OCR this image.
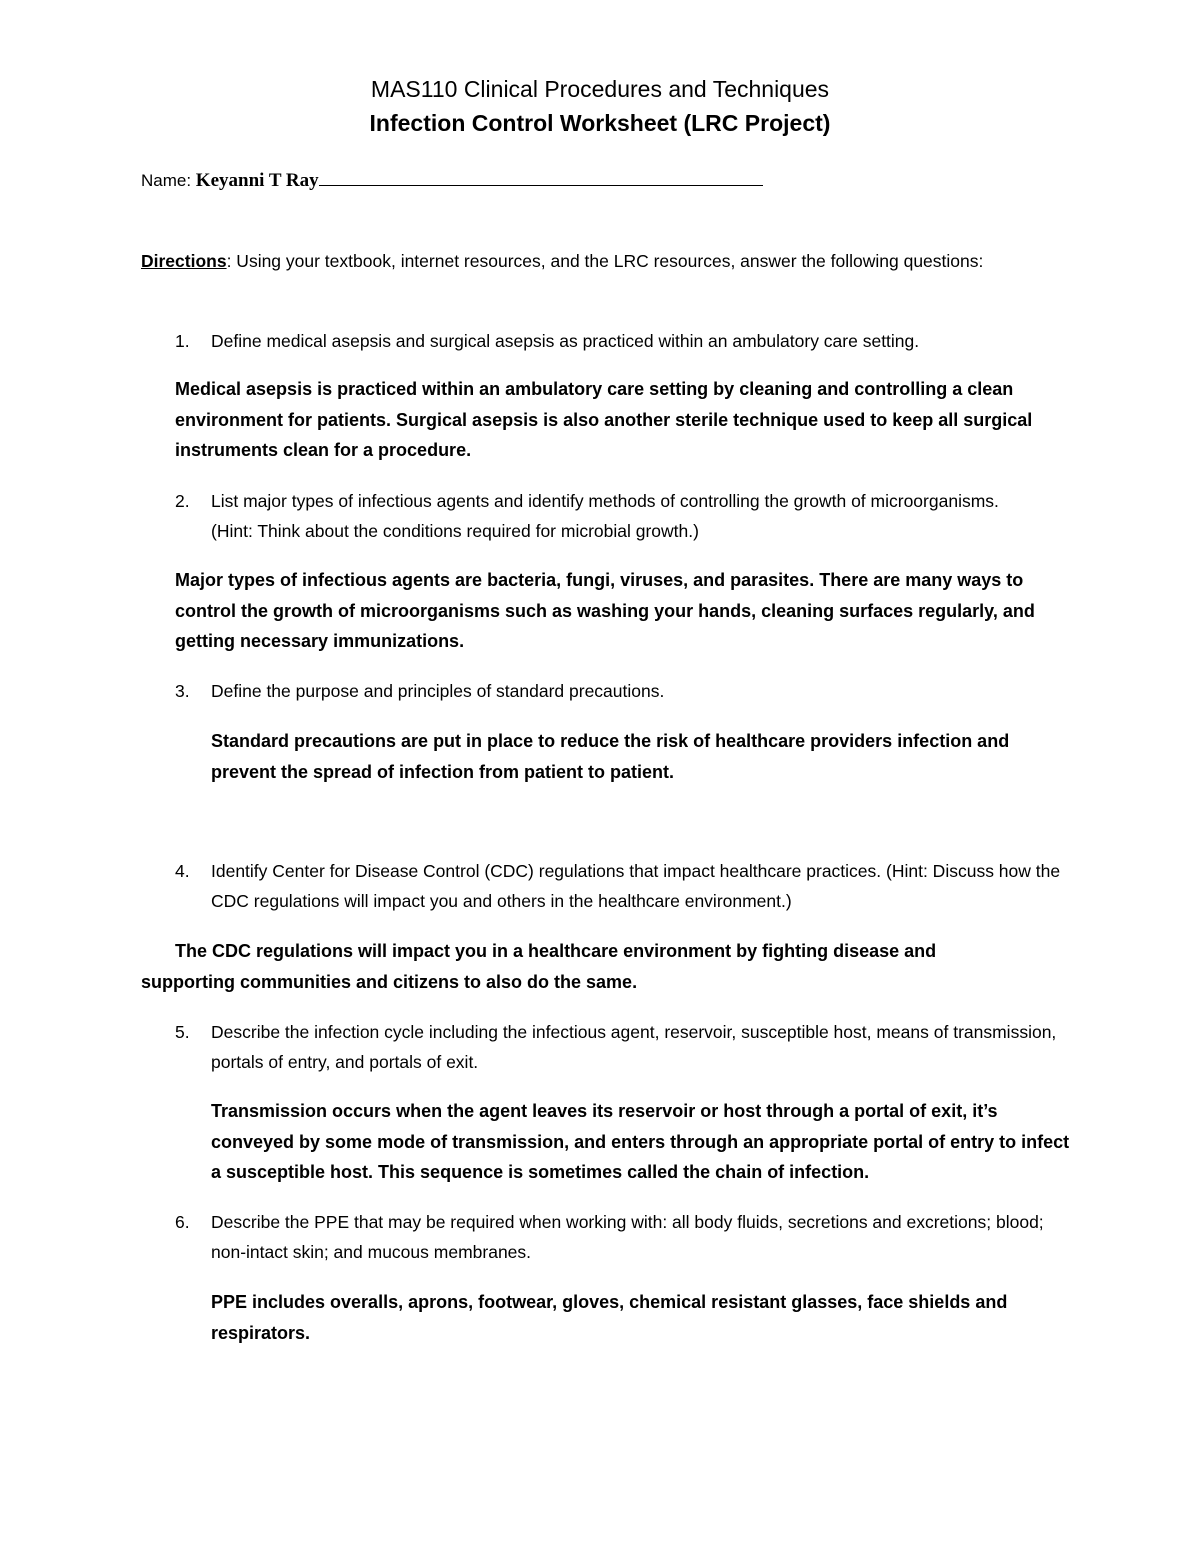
MAS110 Clinical Procedures and Techniques
Infection Control Worksheet (LRC Project)
Name: Keyanni T Ray
Directions: Using your textbook, internet resources, and the LRC resources, answer the following questions:
1.	Define medical asepsis and surgical asepsis as practiced within an ambulatory care setting.
Medical asepsis is practiced within an ambulatory care setting by cleaning and controlling a clean environment for patients. Surgical asepsis is also another sterile technique used to keep all surgical instruments clean for a procedure.
2.	List major types of infectious agents and identify methods of controlling the growth of microorganisms. (Hint: Think about the conditions required for microbial growth.)
Major types of infectious agents are bacteria, fungi, viruses, and parasites. There are many ways to control the growth of microorganisms such as washing your hands, cleaning surfaces regularly, and getting necessary immunizations.
3.	Define the purpose and principles of standard precautions.
Standard precautions are put in place to reduce the risk of healthcare providers infection and prevent the spread of infection from patient to patient.
4.	Identify Center for Disease Control (CDC) regulations that impact healthcare practices. (Hint: Discuss how the CDC regulations will impact you and others in the healthcare environment.)
The CDC regulations will impact you in a healthcare environment by fighting disease and supporting communities and citizens to also do the same.
5.	Describe the infection cycle including the infectious agent, reservoir, susceptible host, means of transmission, portals of entry, and portals of exit.
Transmission occurs when the agent leaves its reservoir or host through a portal of exit, it’s conveyed by some mode of transmission, and enters through an appropriate portal of entry to infect a susceptible host. This sequence is sometimes called the chain of infection.
6.	Describe the PPE that may be required when working with: all body fluids, secretions and excretions; blood; non-intact skin; and mucous membranes.
PPE includes overalls, aprons, footwear, gloves, chemical resistant glasses, face shields and respirators.
